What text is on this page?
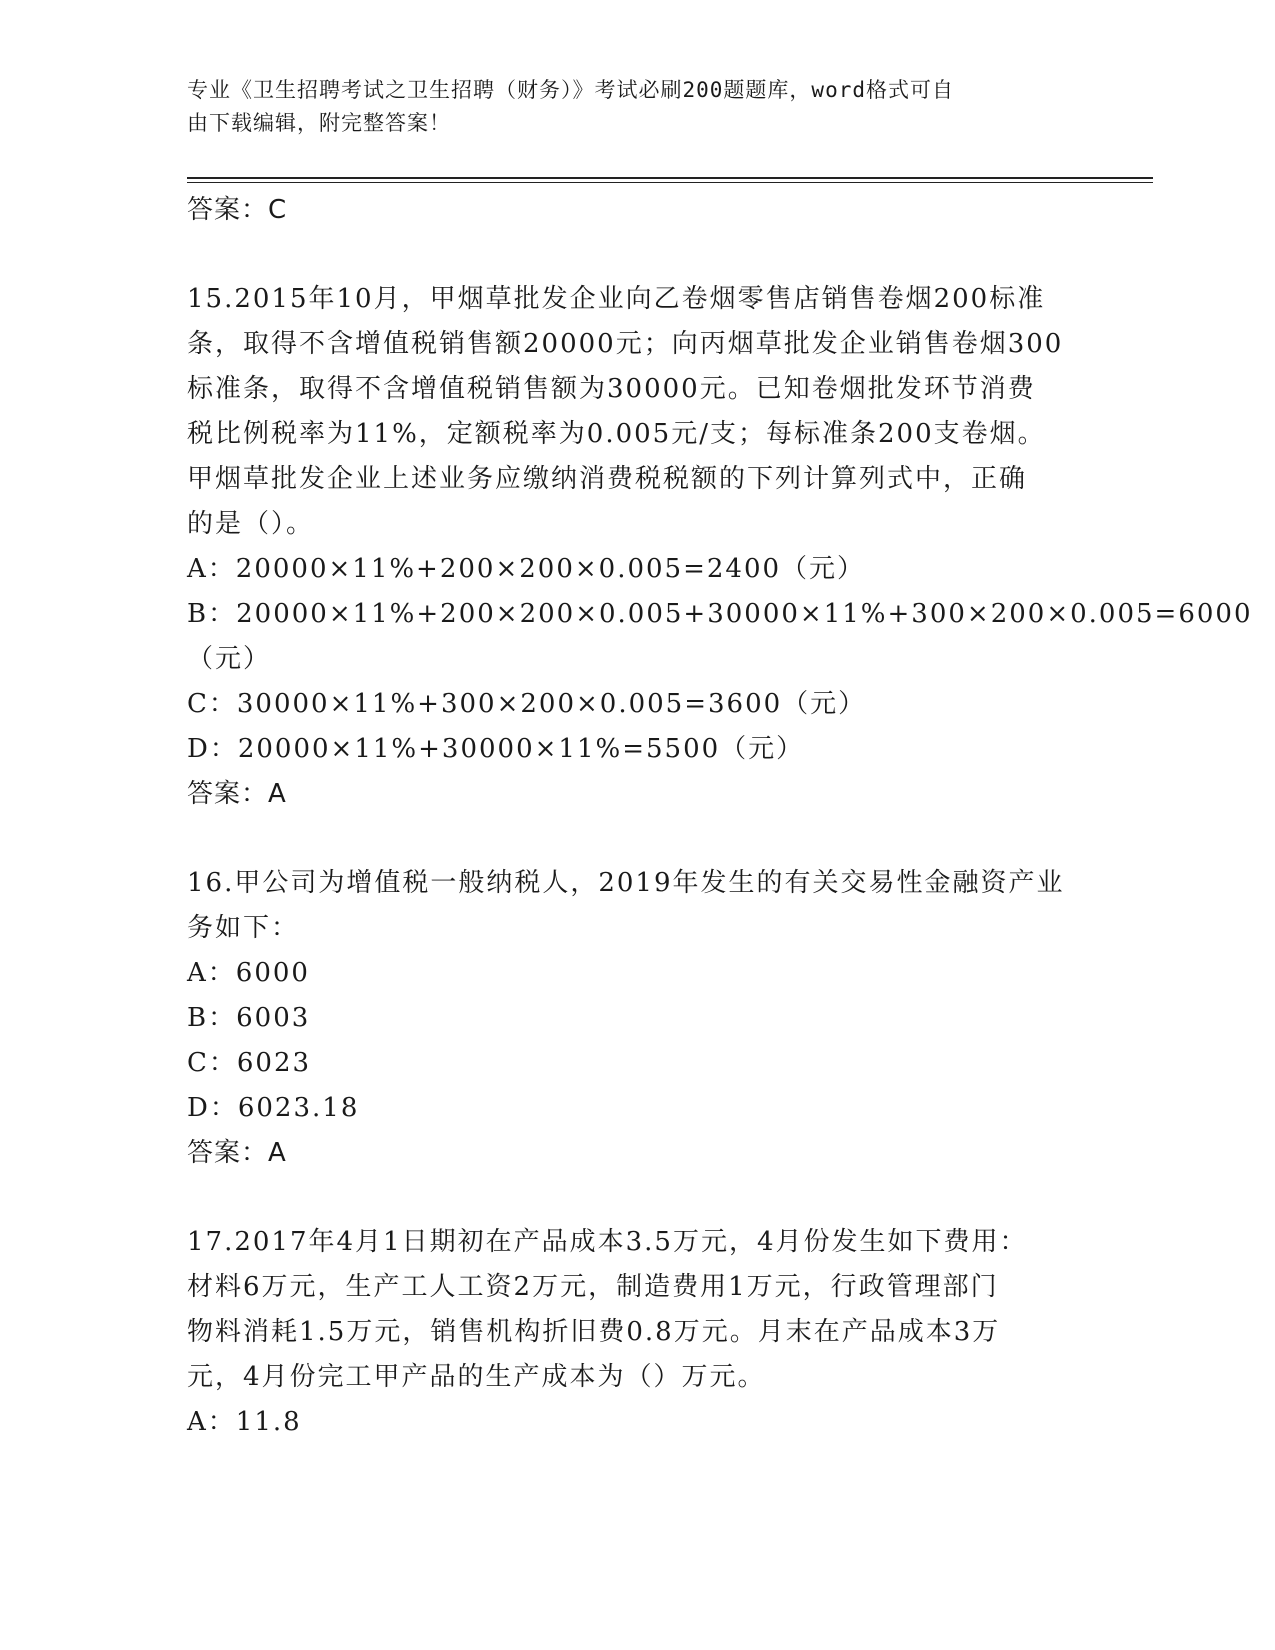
专业《卫生招聘考试之卫生招聘（财务）》考试必刷200题题库，word格式可自
由下载编辑，附完整答案！
答案：C
15.2015年10月，甲烟草批发企业向乙卷烟零售店销售卷烟200标准
条，取得不含增值税销售额20000元；向丙烟草批发企业销售卷烟300
标准条，取得不含增值税销售额为30000元。已知卷烟批发环节消费
税比例税率为11%，定额税率为0.005元/支；每标准条200支卷烟。
甲烟草批发企业上述业务应缴纳消费税税额的下列计算列式中，正确
的是（）。
A：20000×11%+200×200×0.005=2400（元）
B：20000×11%+200×200×0.005+30000×11%+300×200×0.005=6000
（元）
C：30000×11%+300×200×0.005=3600（元）
D：20000×11%+30000×11%=5500（元）
答案：A
16.甲公司为增值税一般纳税人，2019年发生的有关交易性金融资产业
务如下：
A：6000
B：6003
C：6023
D：6023.18
答案：A
17.2017年4月1日期初在产品成本3.5万元，4月份发生如下费用：
材料6万元，生产工人工资2万元，制造费用1万元，行政管理部门
物料消耗1.5万元，销售机构折旧费0.8万元。月末在产品成本3万
元，4月份完工甲产品的生产成本为（）万元。
A：11.8
